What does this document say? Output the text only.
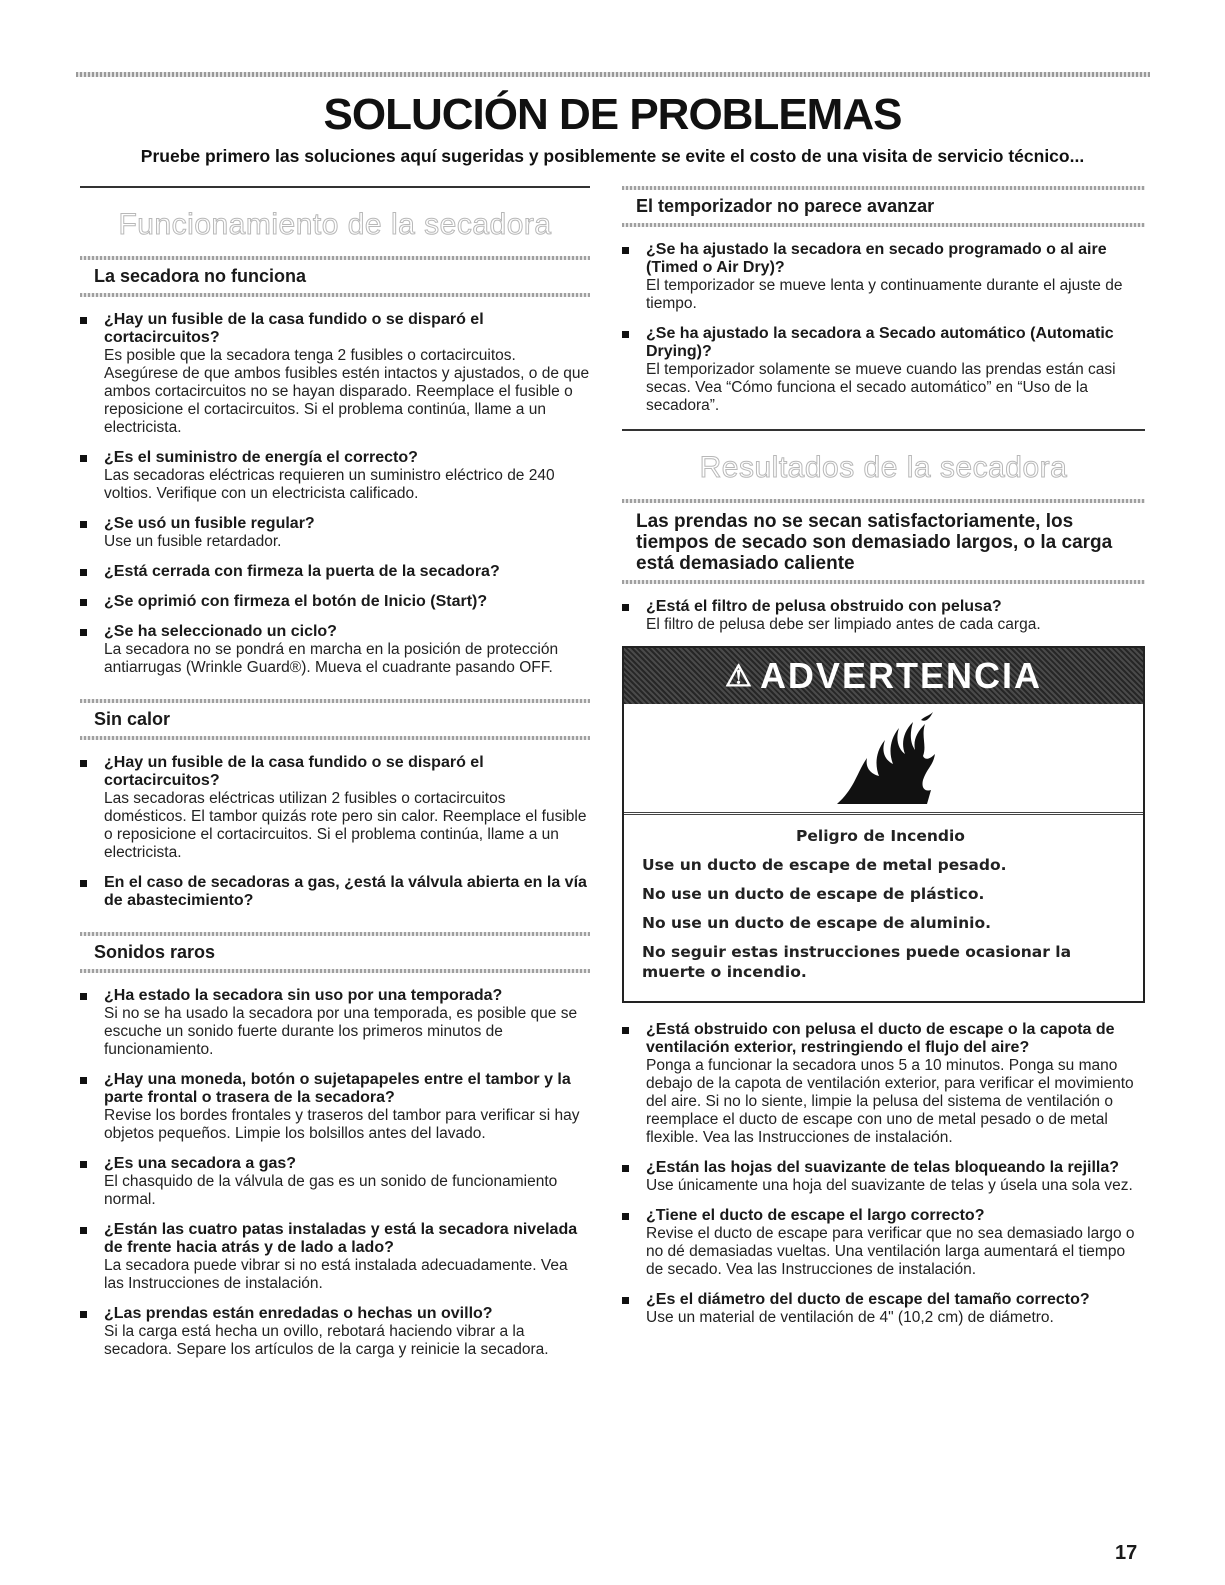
SOLUCIÓN DE PROBLEMAS

Pruebe primero las soluciones aquí sugeridas y posiblemente se evite el costo de una visita de servicio técnico...

Funcionamiento de la secadora
La secadora no funciona
¿Hay un fusible de la casa fundido o se disparó el cortacircuitos?
Es posible que la secadora tenga 2 fusibles o cortacircuitos. Asegúrese de que ambos fusibles estén intactos y ajustados, o de que ambos cortacircuitos no se hayan disparado. Reemplace el fusible o reposicione el cortacircuitos. Si el problema continúa, llame a un electricista.
¿Es el suministro de energía el correcto?
Las secadoras eléctricas requieren un suministro eléctrico de 240 voltios. Verifique con un electricista calificado.
¿Se usó un fusible regular?
Use un fusible retardador.
¿Está cerrada con firmeza la puerta de la secadora?
¿Se oprimió con firmeza el botón de Inicio (Start)?
¿Se ha seleccionado un ciclo?
La secadora no se pondrá en marcha en la posición de protección antiarrugas (Wrinkle Guard®). Mueva el cuadrante pasando OFF.
Sin calor
¿Hay un fusible de la casa fundido o se disparó el cortacircuitos?
Las secadoras eléctricas utilizan 2 fusibles o cortacircuitos domésticos. El tambor quizás rote pero sin calor. Reemplace el fusible o reposicione el cortacircuitos. Si el problema continúa, llame a un electricista.
En el caso de secadoras a gas, ¿está la válvula abierta en la vía de abastecimiento?
Sonidos raros
¿Ha estado la secadora sin uso por una temporada?
Si no se ha usado la secadora por una temporada, es posible que se escuche un sonido fuerte durante los primeros minutos de funcionamiento.
¿Hay una moneda, botón o sujetapapeles entre el tambor y la parte frontal o trasera de la secadora?
Revise los bordes frontales y traseros del tambor para verificar si hay objetos pequeños. Limpie los bolsillos antes del lavado.
¿Es una secadora a gas?
El chasquido de la válvula de gas es un sonido de funcionamiento normal.
¿Están las cuatro patas instaladas y está la secadora nivelada de frente hacia atrás y de lado a lado?
La secadora puede vibrar si no está instalada adecuadamente. Vea las Instrucciones de instalación.
¿Las prendas están enredadas o hechas un ovillo?
Si la carga está hecha un ovillo, rebotará haciendo vibrar a la secadora. Separe los artículos de la carga y reinicie la secadora.
El temporizador no parece avanzar
¿Se ha ajustado la secadora en secado programado o al aire (Timed o Air Dry)?
El temporizador se mueve lenta y continuamente durante el ajuste de tiempo.
¿Se ha ajustado la secadora a Secado automático (Automatic Drying)?
El temporizador solamente se mueve cuando las prendas están casi secas. Vea “Cómo funciona el secado automático” en “Uso de la secadora”.
Resultados de la secadora
Las prendas no se secan satisfactoriamente, los tiempos de secado son demasiado largos, o la carga está demasiado caliente
¿Está el filtro de pelusa obstruido con pelusa?
El filtro de pelusa debe ser limpiado antes de cada carga.
⚠ ADVERTENCIA
Peligro de Incendio

Use un ducto de escape de metal pesado.

No use un ducto de escape de plástico.

No use un ducto de escape de aluminio.

No seguir estas instrucciones puede ocasionar la muerte o incendio.

¿Está obstruido con pelusa el ducto de escape o la capota de ventilación exterior, restringiendo el flujo del aire?
Ponga a funcionar la secadora unos 5 a 10 minutos. Ponga su mano debajo de la capota de ventilación exterior, para verificar el movimiento del aire. Si no lo siente, limpie la pelusa del sistema de ventilación o reemplace el ducto de escape con uno de metal pesado o de metal flexible. Vea las Instrucciones de instalación.
¿Están las hojas del suavizante de telas bloqueando la rejilla?
Use únicamente una hoja del suavizante de telas y úsela una sola vez.
¿Tiene el ducto de escape el largo correcto?
Revise el ducto de escape para verificar que no sea demasiado largo o no dé demasiadas vueltas. Una ventilación larga aumentará el tiempo de secado. Vea las Instrucciones de instalación.
¿Es el diámetro del ducto de escape del tamaño correcto?
Use un material de ventilación de 4" (10,2 cm) de diámetro.
17
